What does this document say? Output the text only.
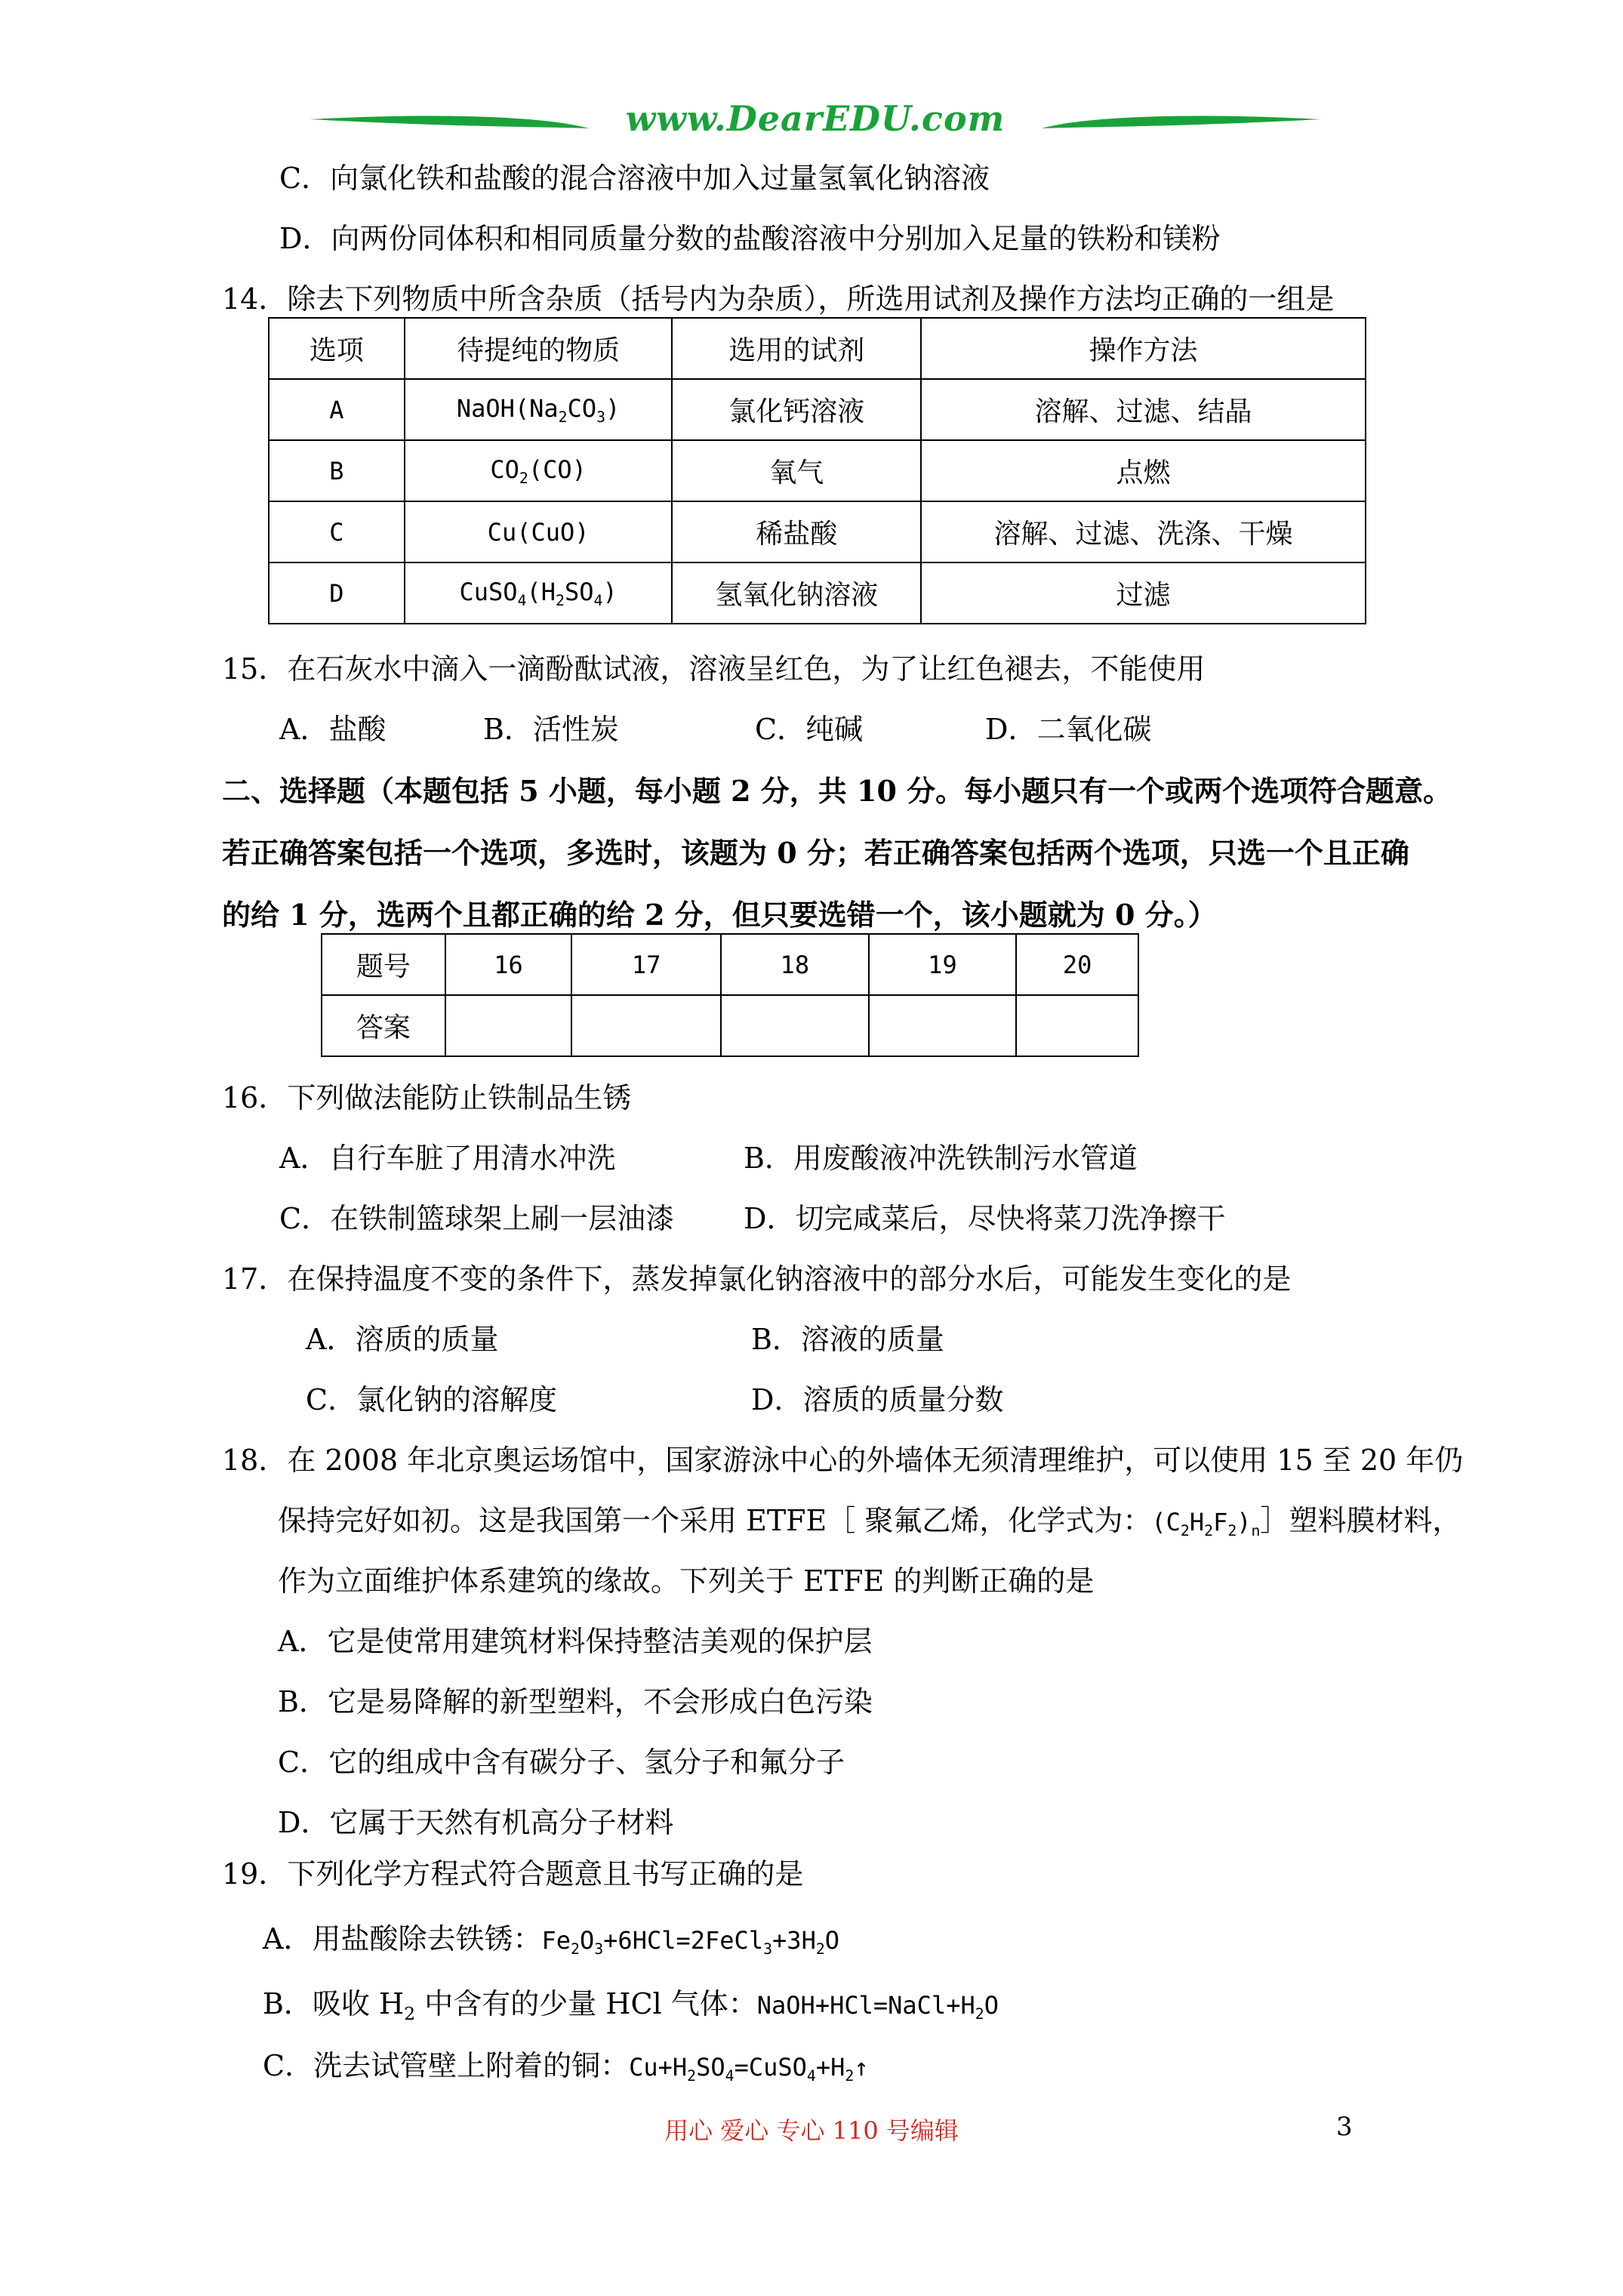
www.DearEDU.com
C．向氯化铁和盐酸的混合溶液中加入过量氢氧化钠溶液
D．向两份同体积和相同质量分数的盐酸溶液中分别加入足量的铁粉和镁粉
14．除去下列物质中所含杂质（括号内为杂质），所选用试剂及操作方法均正确的一组是
选项	待提纯的物质	选用的试剂	操作方法
A	$NaOH(Na_2CO_3)$	氯化钙溶液	溶解、过滤、结晶
B	$CO_2(CO)$	氧气	点燃
C	Cu(CuO)	稀盐酸	溶解、过滤、洗涤、干燥
D	$CuSO_4(H_2SO_4)$	氢氧化钠溶液	过滤
15．在石灰水中滴入一滴酚酞试液，溶液呈红色，为了让红色褪去，不能使用
A．盐酸	B．活性炭	C．纯碱	D．二氧化碳
二、选择题（本题包括 5 小题，每小题 2 分，共 10 分。每小题只有一个或两个选项符合题意。
若正确答案包括一个选项，多选时，该题为 0 分；若正确答案包括两个选项，只选一个且正确
的给 1 分，选两个且都正确的给 2 分，但只要选错一个，该小题就为 0 分。）
题号	16	17	18	19	20
答案					
16．下列做法能防止铁制品生锈
A．自行车脏了用清水冲洗	B．用废酸液冲洗铁制污水管道
C．在铁制篮球架上刷一层油漆 D．切完咸菜后，尽快将菜刀洗净擦干
17．在保持温度不变的条件下，蒸发掉氯化钠溶液中的部分水后，可能发生变化的是
A．溶质的质量	B．溶液的质量
C．氯化钠的溶解度	D．溶质的质量分数
18．在 2008 年北京奥运场馆中，国家游泳中心的外墙体无须清理维护，可以使用 15 至 20 年仍
保持完好如初。这是我国第一个采用 ETFE［ 聚氟乙烯，化学式为：$(C_2H_2F_2)_n]$塑料膜材料，
作为立面维护体系建筑的缘故。下列关于 ETFE 的判断正确的是
A．它是使常用建筑材料保持整洁美观的保护层
B．它是易降解的新型塑料，不会形成白色污染
C．它的组成中含有碳分子、氢分子和氟分子
D．它属于天然有机高分子材料
19．下列化学方程式符合题意且书写正确的是
A．用盐酸除去铁锈：$Fe_2O_3+6HCl=2FeCl_3+3H_2O$
B．吸收 $H_2$ 中含有的少量 HCl 气体：$NaOH+HCl=NaCl+H_2O$
C．洗去试管壁上附着的铜：$Cu+H_2SO_4=CuSO_4+H_2↑$
用心 爱心 专心 110 号编辑	3
